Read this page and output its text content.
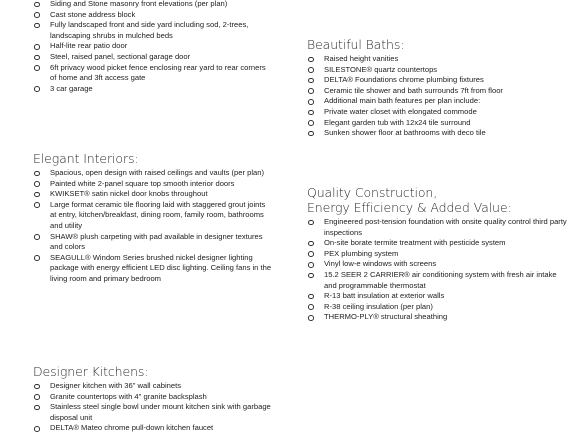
Siding and Stone masonry front elevations (per plan)
Cast stone address block
Fully landscaped front and side yard including sod, 2-trees, landscaping shrubs in mulched beds
Half-lite rear patio door
Steel, raised panel, sectional garage door
6ft privacy wood picket fence enclosing rear yard to rear corners of home and 3ft access gate
3 car garage
Elegant Interiors:
Spacious, open design with raised ceilings and vaults (per plan)
Painted white 2-panel square top smooth interior doors
KWIKSET® satin nickel door knobs throughout
Large format ceramic tile flooring laid with staggered grout joints at entry, kitchen/breakfast, dining room, family room, bathrooms and utility
SHAW® plush carpeting with pad available in designer textures and colors
SEAGULL® Windom Series brushed nickel designer lighting package with energy efficient LED disc lighting. Ceiling fans in the living room and primary bedroom
Designer Kitchens:
Designer kitchen with 36" wall cabinets
Granite countertops with 4" granite backsplash
Stainless steel single bowl under mount kitchen sink with garbage disposal unit
DELTA® Mateo chrome pull-down kitchen faucet
Beautiful Baths:
Raised height vanities
SILESTONE® quartz countertops
DELTA® Foundations chrome plumbing fixtures
Ceramic tile shower and bath surrounds 7ft from floor
Additional main bath features per plan include:
Private water closet with elongated commode
Elegant garden tub with 12x24 tile surround
Sunken shower floor at bathrooms with deco tile
Quality Construction,
Energy Efficiency & Added Value:
Engineered post-tension foundation with onsite quality control third party inspections
On-site borate termite treatment with pesticide system
PEX plumbing system
Vinyl low-e windows with screens
15.2 SEER 2 CARRIER® air conditioning system with fresh air intake and programmable thermostat
R-13 batt insulation at exterior walls
R-38 ceiling insulation (per plan)
THERMO-PLY® structural sheathing
